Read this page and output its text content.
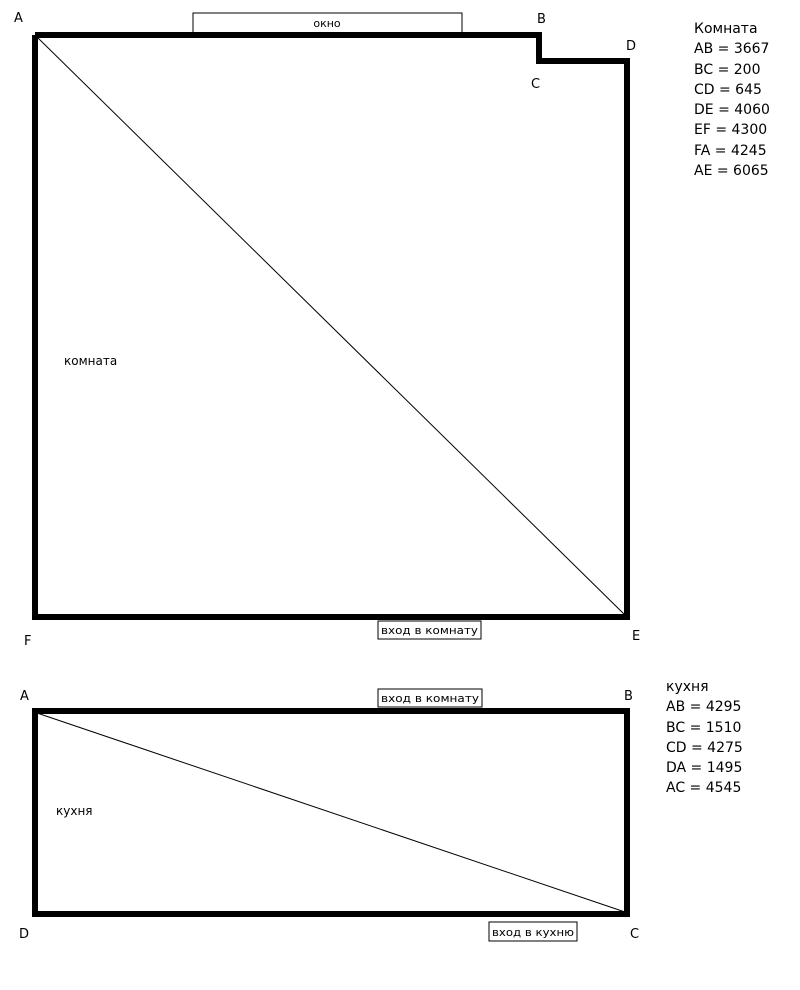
окно
A	B
C
D
E
F
комната
вход в комнату
вход в комнату
A	B
C
D
кухня
вход в кухню
Комната
AB = 3667
BC = 200
CD = 645
DE = 4060
EF = 4300
FA = 4245
AE = 6065
кухня
AB = 4295
BC = 1510
CD = 4275
DA = 1495
AC = 4545
